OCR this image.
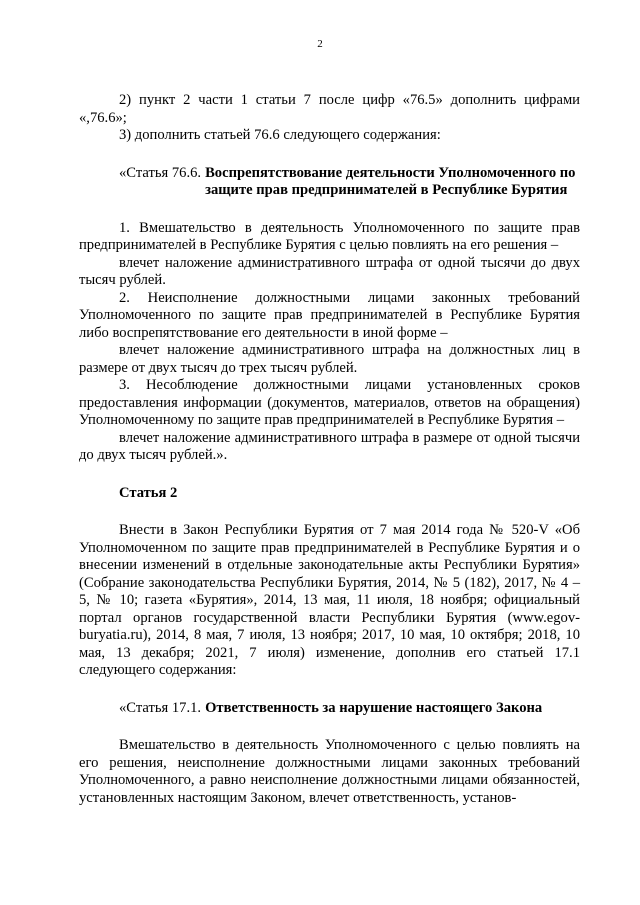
2

2) пункт 2 части 1 статьи 7 после цифр «76.5» дополнить цифрами «,76.6»;

3) дополнить статьей 76.6 следующего содержания:

«Статья 76.6. Воспрепятствование деятельности Уполномоченного по защите прав предпринимателей в Республике Бурятия

1. Вмешательство в деятельность Уполномоченного по защите прав предпринимателей в Республике Бурятия с целью повлиять на его решения –

влечет наложение административного штрафа от одной тысячи до двух тысяч рублей.

2. Неисполнение должностными лицами законных требований Уполномоченного по защите прав предпринимателей в Республике Бурятия либо воспрепятствование его деятельности в иной форме –

влечет наложение административного штрафа на должностных лиц в размере от двух тысяч до трех тысяч рублей.

3. Несоблюдение должностными лицами установленных сроков предоставления информации (документов, материалов, ответов на обращения) Уполномоченному по защите прав предпринимателей в Республике Бурятия –

влечет наложение административного штрафа в размере от одной тысячи до двух тысяч рублей.».

Статья 2

Внести в Закон Республики Бурятия от 7 мая 2014 года № 520-V «Об Уполномоченном по защите прав предпринимателей в Республике Бурятия и о внесении изменений в отдельные законодательные акты Республики Бурятия» (Собрание законодательства Республики Бурятия, 2014, № 5 (182), 2017, № 4 – 5, № 10; газета «Бурятия», 2014, 13 мая, 11 июля, 18 ноября; официальный портал органов государственной власти Республики Бурятия (www.egov-buryatia.ru), 2014, 8 мая, 7 июля, 13 ноября; 2017, 10 мая, 10 октября; 2018, 10 мая, 13 декабря; 2021, 7 июля) изменение, дополнив его статьей 17.1 следующего содержания:

«Статья 17.1. Ответственность за нарушение настоящего Закона

Вмешательство в деятельность Уполномоченного с целью повлиять на его решения, неисполнение должностными лицами законных требований Уполномоченного, а равно неисполнение должностными лицами обязанностей, установленных настоящим Законом, влечет ответственность, установ-
